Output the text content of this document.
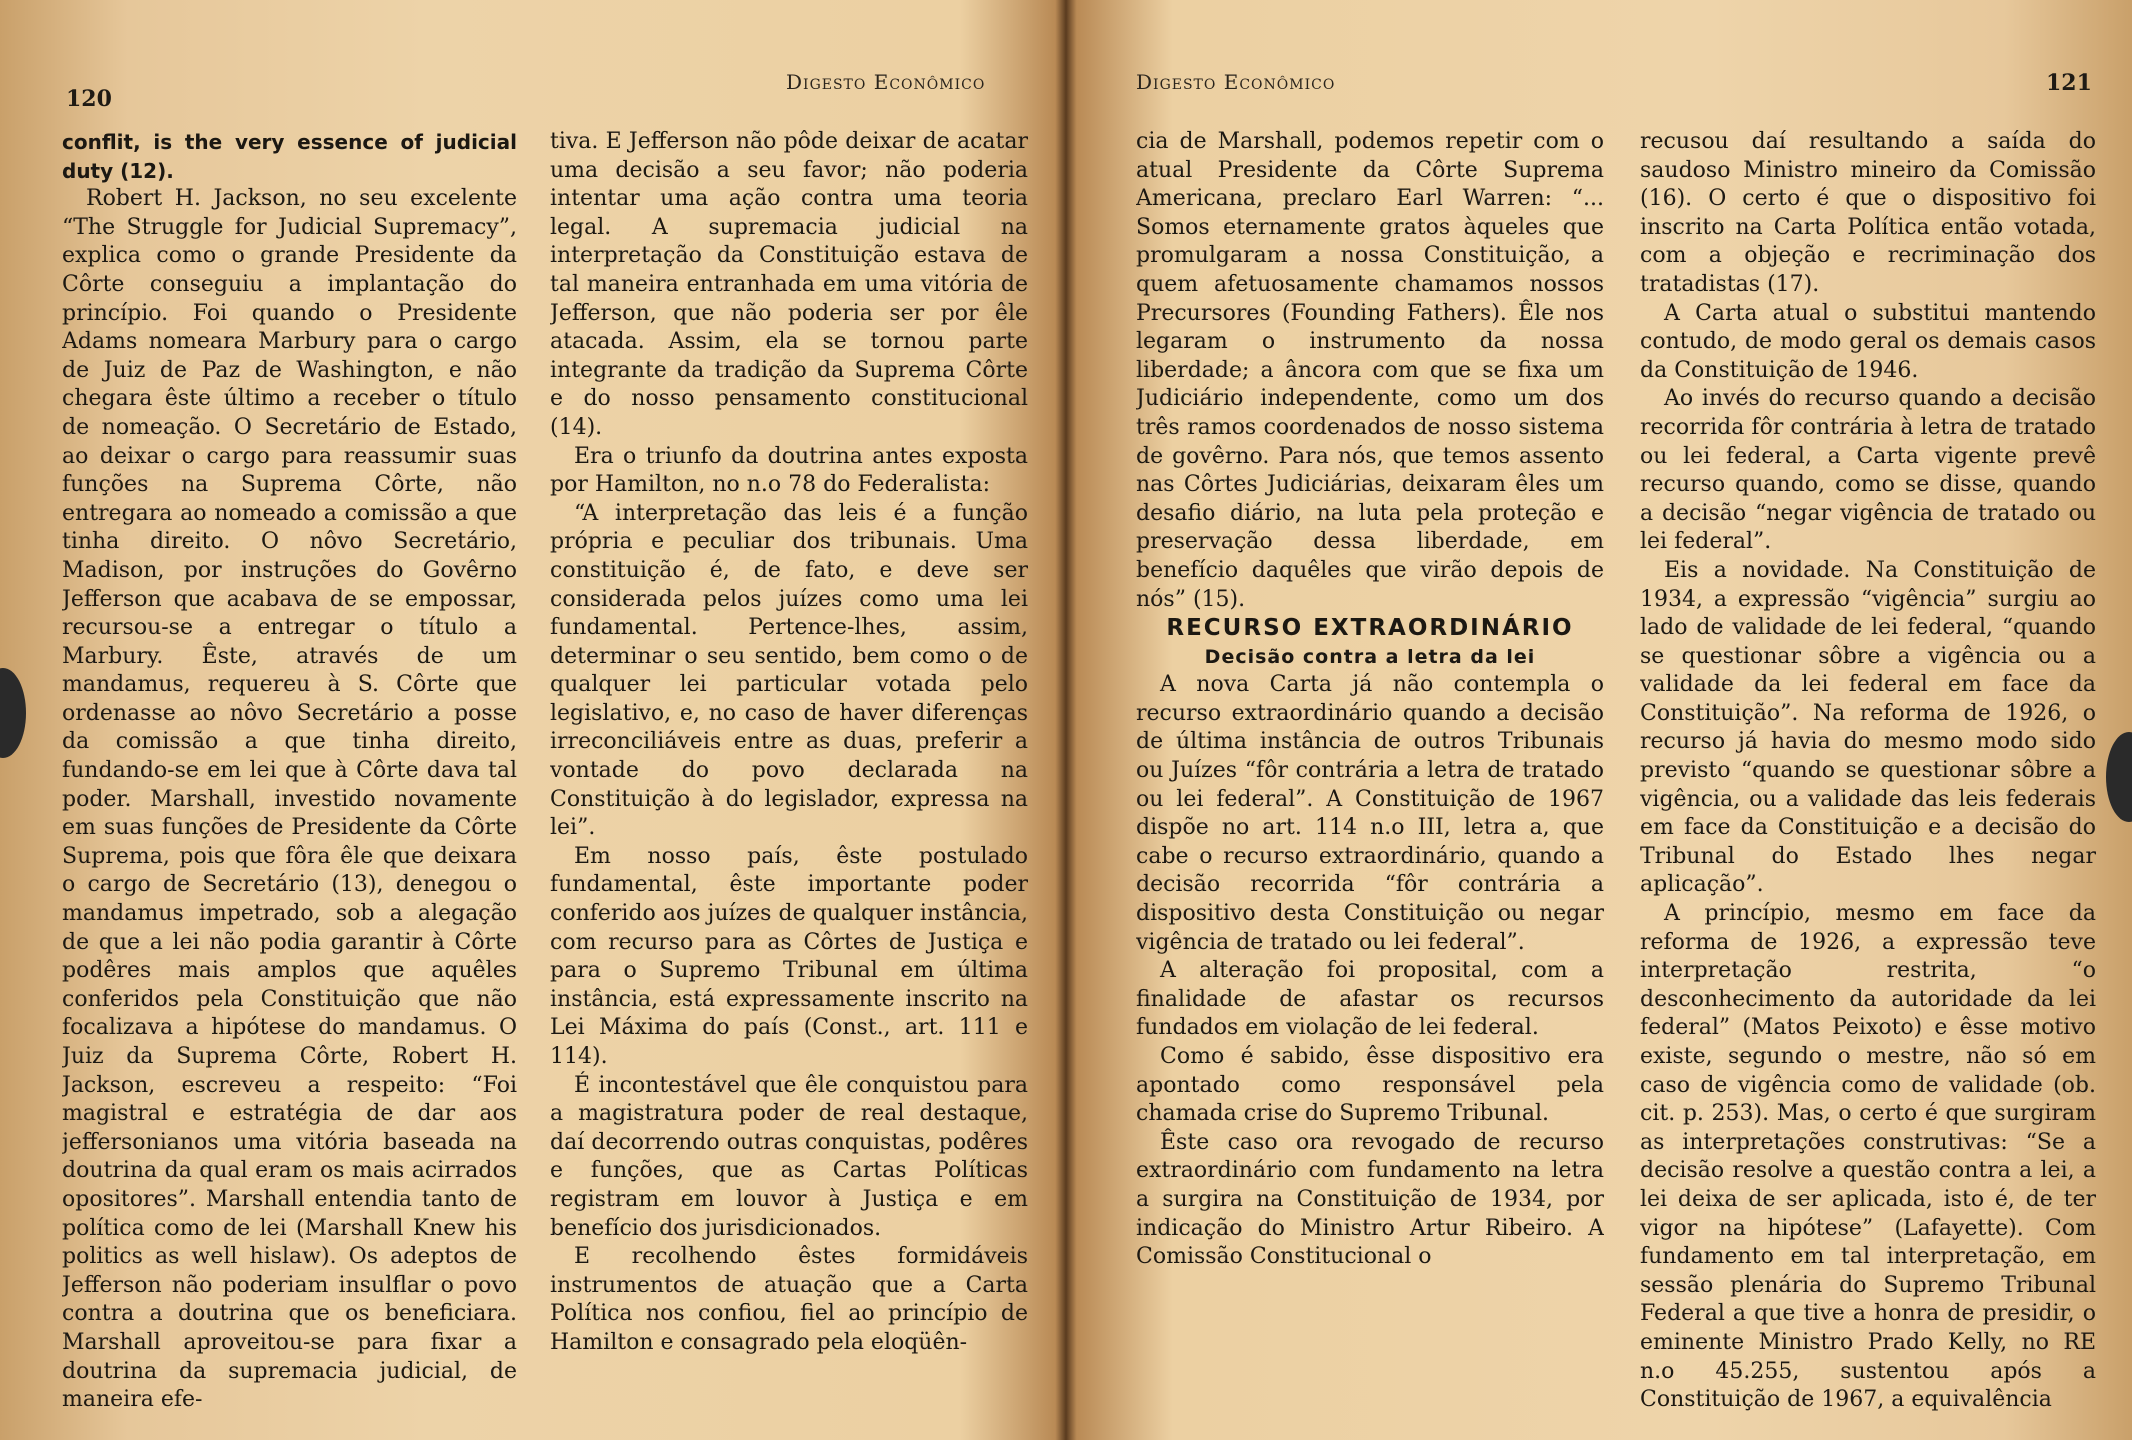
120
Digesto Econômico

conflit, is the very essence of judicial duty (12).

Robert H. Jackson, no seu excelente “The Struggle for Judicial Supremacy”, explica como o grande Presidente da Côrte conseguiu a implantação do princípio. Foi quando o Presidente Adams nomeara Marbury para o cargo de Juiz de Paz de Washington, e não chegara êste último a receber o título de nomeação. O Secretário de Estado, ao deixar o cargo para reassumir suas funções na Suprema Côrte, não entregara ao nomeado a comissão a que tinha direito. O nôvo Secretário, Madison, por instruções do Govêrno Jefferson que acabava de se empossar, recursou-se a entregar o título a Marbury. Êste, através de um mandamus, requereu à S. Côrte que ordenasse ao nôvo Secretário a posse da comissão a que tinha direito, fundando-se em lei que à Côrte dava tal poder. Marshall, investido novamente em suas funções de Presidente da Côrte Suprema, pois que fôra êle que deixara o cargo de Secretário (13), denegou o mandamus impetrado, sob a alegação de que a lei não podia garantir à Côrte podêres mais amplos que aquêles conferidos pela Constituição que não focalizava a hipótese do mandamus. O Juiz da Suprema Côrte, Robert H. Jackson, escreveu a respeito: “Foi magistral e estratégia de dar aos jeffersonianos uma vitória baseada na doutrina da qual eram os mais acirrados opositores”. Marshall entendia tanto de política como de lei (Marshall Knew his politics as well hislaw). Os adeptos de Jefferson não poderiam insulflar o povo contra a doutrina que os beneficiara. Marshall aproveitou-se para fixar a doutrina da supremacia judicial, de maneira efe-

tiva. E Jefferson não pôde deixar de acatar uma decisão a seu favor; não poderia intentar uma ação contra uma teoria legal. A supremacia judicial na interpretação da Constituição estava de tal maneira entranhada em uma vitória de Jefferson, que não poderia ser por êle atacada. Assim, ela se tornou parte integrante da tradição da Suprema Côrte e do nosso pensamento constitucional (14).

Era o triunfo da doutrina antes exposta por Hamilton, no n.o 78 do Federalista:

“A interpretação das leis é a função própria e peculiar dos tribunais. Uma constituição é, de fato, e deve ser considerada pelos juízes como uma lei fundamental. Pertence-lhes, assim, determinar o seu sentido, bem como o de qualquer lei particular votada pelo legislativo, e, no caso de haver diferenças irreconciliáveis entre as duas, preferir a vontade do povo declarada na Constituição à do legislador, expressa na lei”.

Em nosso país, êste postulado fundamental, êste importante poder conferido aos juízes de qualquer instância, com recurso para as Côrtes de Justiça e para o Supremo Tribunal em última instância, está expressamente inscrito na Lei Máxima do país (Const., art. 111 e 114).

É incontestável que êle conquistou para a magistratura poder de real destaque, daí decorrendo outras conquistas, podêres e funções, que as Cartas Políticas registram em louvor à Justiça e em benefício dos jurisdicionados.

E recolhendo êstes formidáveis instrumentos de atuação que a Carta Política nos confiou, fiel ao princípio de Hamilton e consagrado pela eloqüên-

Digesto Econômico	121

cia de Marshall, podemos repetir com o atual Presidente da Côrte Suprema Americana, preclaro Earl Warren: “... Somos eternamente gratos àqueles que promulgaram a nossa Constituição, a quem afetuosamente chamamos nossos Precursores (Founding Fathers). Êle nos legaram o instrumento da nossa liberdade; a âncora com que se fixa um Judiciário independente, como um dos três ramos coordenados de nosso sistema de govêrno. Para nós, que temos assento nas Côrtes Judiciárias, deixaram êles um desafio diário, na luta pela proteção e preservação dessa liberdade, em benefício daquêles que virão depois de nós” (15).

RECURSO EXTRAORDINÁRIO

Decisão contra a letra da lei

A nova Carta já não contempla o recurso extraordinário quando a decisão de última instância de outros Tribunais ou Juízes “fôr contrária a letra de tratado ou lei federal”. A Constituição de 1967 dispõe no art. 114 n.o III, letra a, que cabe o recurso extraordinário, quando a decisão recorrida “fôr contrária a dispositivo desta Constituição ou negar vigência de tratado ou lei federal”.

A alteração foi proposital, com a finalidade de afastar os recursos fundados em violação de lei federal.

Como é sabido, êsse dispositivo era apontado como responsável pela chamada crise do Supremo Tribunal.

Êste caso ora revogado de recurso extraordinário com fundamento na letra a surgira na Constituição de 1934, por indicação do Ministro Artur Ribeiro. A Comissão Constitucional o

recusou daí resultando a saída do saudoso Ministro mineiro da Comissão (16). O certo é que o dispositivo foi inscrito na Carta Política então votada, com a objeção e recriminação dos tratadistas (17).

A Carta atual o substitui mantendo contudo, de modo geral os demais casos da Constituição de 1946.

Ao invés do recurso quando a decisão recorrida fôr contrária à letra de tratado ou lei federal, a Carta vigente prevê recurso quando, como se disse, quando a decisão “negar vigência de tratado ou lei federal”.

Eis a novidade. Na Constituição de 1934, a expressão “vigência” surgiu ao lado de validade de lei federal, “quando se questionar sôbre a vigência ou a validade da lei federal em face da Constituição”. Na reforma de 1926, o recurso já havia do mesmo modo sido previsto “quando se questionar sôbre a vigência, ou a validade das leis federais em face da Constituição e a decisão do Tribunal do Estado lhes negar aplicação”.

A princípio, mesmo em face da reforma de 1926, a expressão teve interpretação restrita, “o desconhecimento da autoridade da lei federal” (Matos Peixoto) e êsse motivo existe, segundo o mestre, não só em caso de vigência como de validade (ob. cit. p. 253). Mas, o certo é que surgiram as interpretações construtivas: “Se a decisão resolve a questão contra a lei, a lei deixa de ser aplicada, isto é, de ter vigor na hipótese” (Lafayette). Com fundamento em tal interpretação, em sessão plenária do Supremo Tribunal Federal a que tive a honra de presidir, o eminente Ministro Prado Kelly, no RE n.o 45.255, sustentou após a Constituição de 1967, a equivalência
